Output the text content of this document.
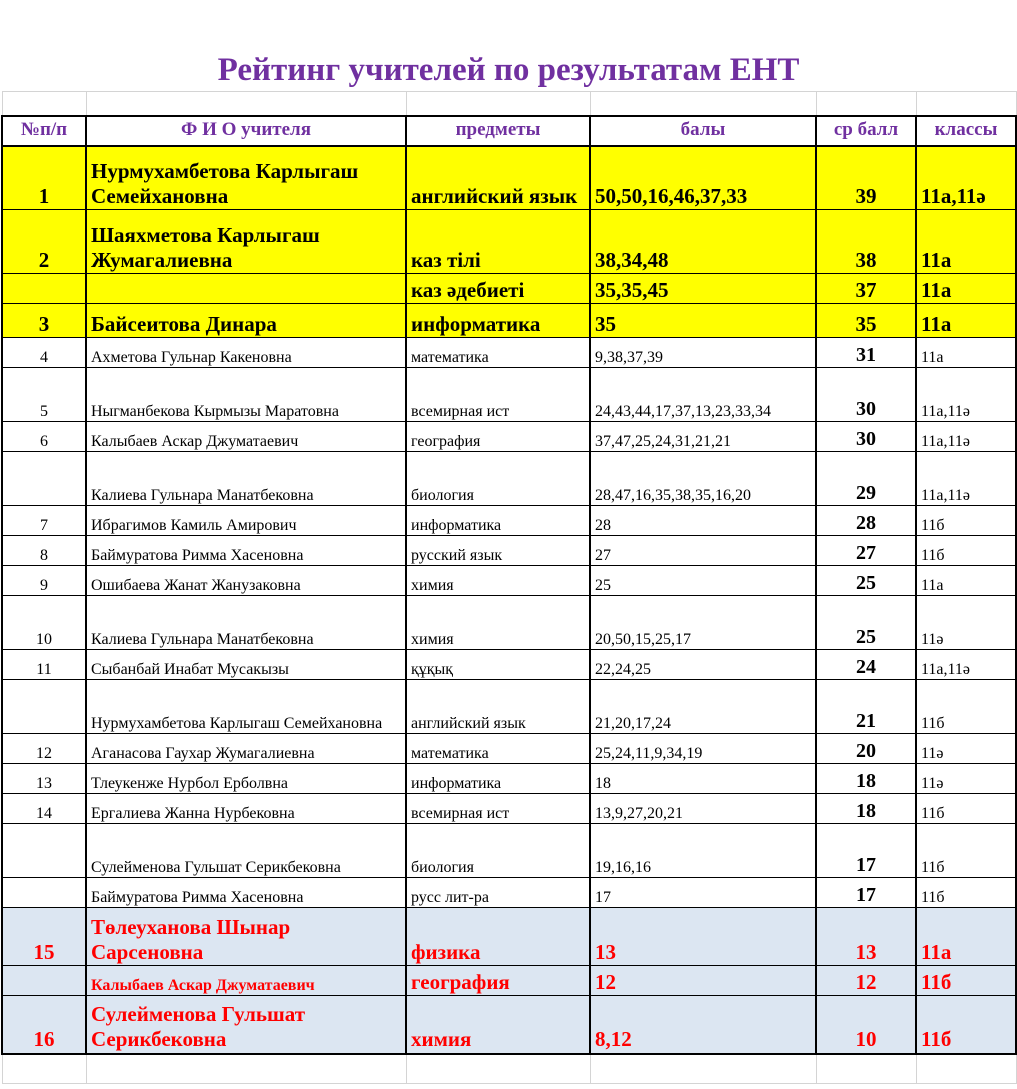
Рейтинг учителей по результатам ЕНТ

№п/п	Ф И О учителя	предметы	балы	ср балл	классы
1	Нурмухамбетова Карлыгаш Семейхановна	английский язык	50,50,16,46,37,33	39	11а,11ә
2	Шаяхметова Карлыгаш Жумагалиевна	каз тілі	38,34,48	38	11а
		каз әдебиеті	35,35,45	37	11а
3	Байсеитова Динара	информатика	35	35	11а
4	Ахметова Гульнар Какеновна	математика	9,38,37,39	31	11а
5	Ныгманбекова Кырмызы Маратовна	всемирная ист	24,43,44,17,37,13,23,33,34	30	11а,11ә
6	Калыбаев Аскар Джуматаевич	география	37,47,25,24,31,21,21	30	11а,11ә
	Калиева Гульнара Манатбековна	биология	28,47,16,35,38,35,16,20	29	11а,11ә
7	Ибрагимов Камиль Амирович	информатика	28	28	11б
8	Баймуратова Римма Хасеновна	русский язык	27	27	11б
9	Ошибаева Жанат Жанузаковна	химия	25	25	11а
10	Калиева Гульнара Манатбековна	химия	20,50,15,25,17	25	11ә
11	Сыбанбай Инабат Мусакызы	құқық	22,24,25	24	11а,11ә
	Нурмухамбетова Карлыгаш Семейхановна	английский язык	21,20,17,24	21	11б
12	Аганасова Гаухар Жумагалиевна	математика	25,24,11,9,34,19	20	11ә
13	Тлеукенже Нурбол Ерболвна	информатика	18	18	11ә
14	Ергалиева Жанна Нурбековна	всемирная ист	13,9,27,20,21	18	11б
	Сулейменова Гульшат Серикбековна	биология	19,16,16	17	11б
	Баймуратова Римма Хасеновна	русс лит-ра	17	17	11б
15	Төлеуханова Шынар Сарсеновна	физика	13	13	11а
	Калыбаев Аскар Джуматаевич	география	12	12	11б
16	Сулейменова Гульшат Серикбековна	химия	8,12	10	11б
